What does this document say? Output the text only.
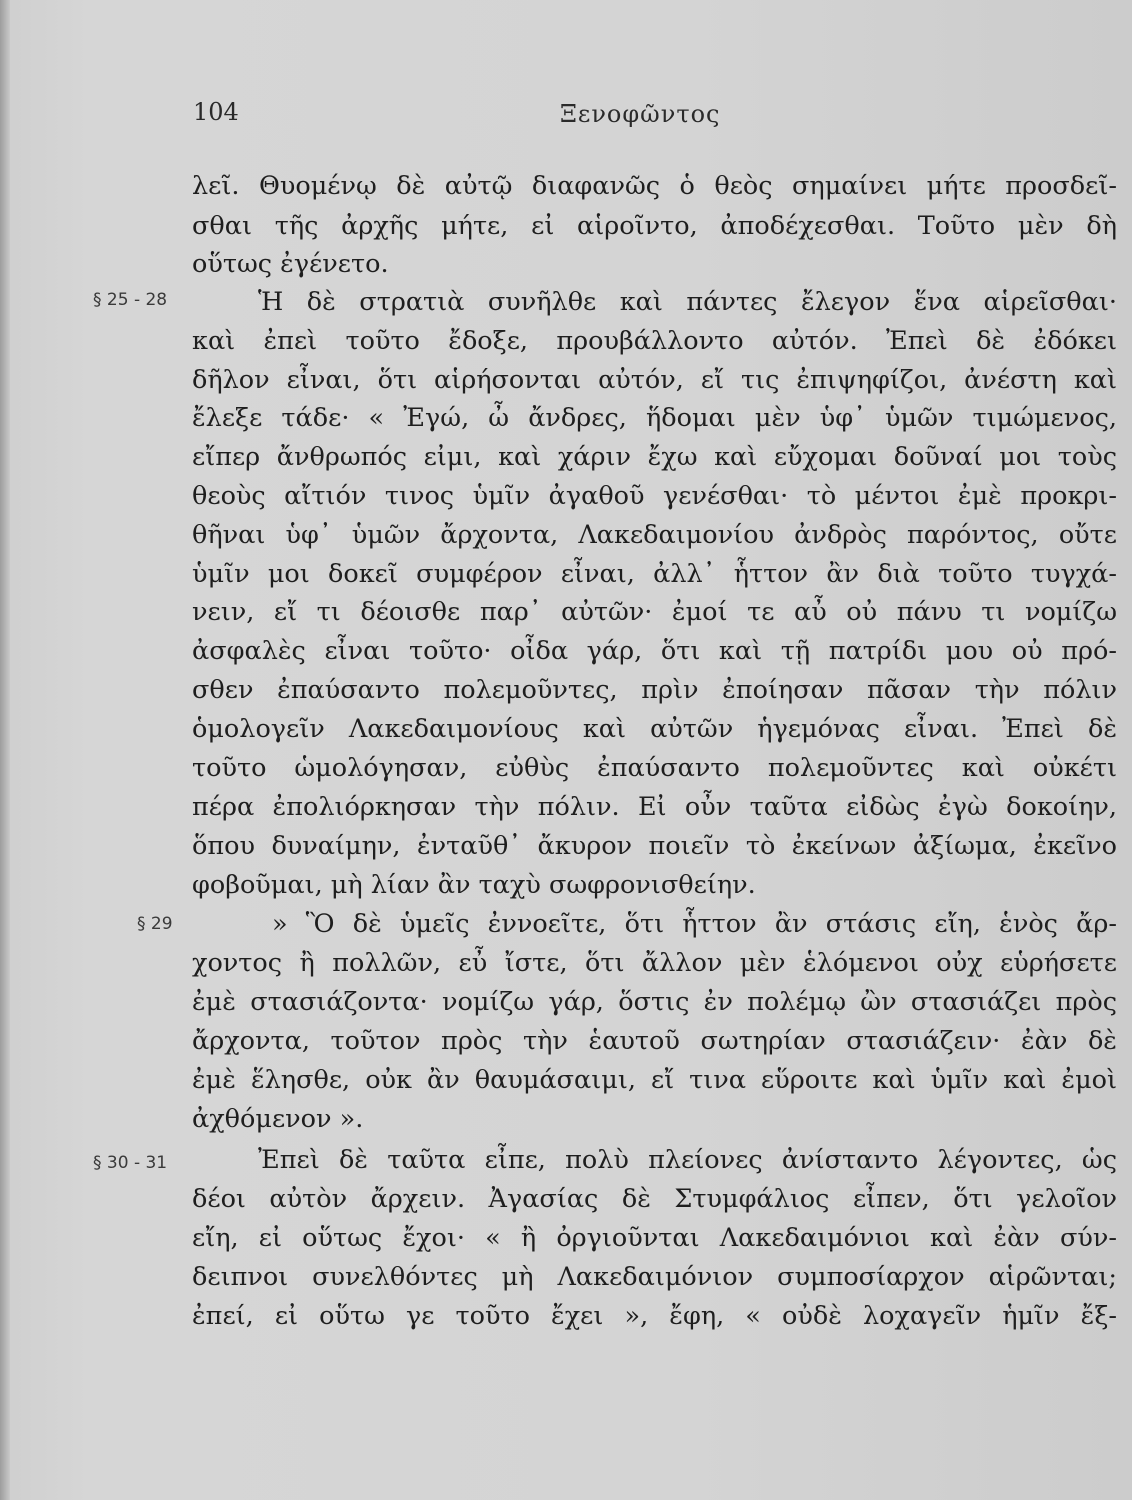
104	Ξενοφῶντος
§ 25 - 28
§ 29
§ 30 - 31
λεῖ. Θυομένῳ δὲ αὐτῷ διαφανῶς ὁ θεὸς σημαίνει μήτε προσδεῖ-
σθαι τῆς ἀρχῆς μήτε, εἰ αἱροῖντο, ἀποδέχεσθαι. Τοῦτο μὲν δὴ
οὕτως ἐγένετο.
Ἡ δὲ στρατιὰ συνῆλθε καὶ πάντες ἔλεγον ἕνα αἱρεῖσθαι·
καὶ ἐπεὶ τοῦτο ἔδοξε, προυβάλλοντο αὐτόν. Ἐπεὶ δὲ ἐδόκει
δῆλον εἶναι, ὅτι αἱρήσονται αὐτόν, εἴ τις ἐπιψηφίζοι, ἀνέστη καὶ
ἔλεξε τάδε· « Ἐγώ, ὦ ἄνδρες, ἥδομαι μὲν ὑφ᾽ ὑμῶν τιμώμενος,
εἴπερ ἄνθρωπός εἰμι, καὶ χάριν ἔχω καὶ εὔχομαι δοῦναί μοι τοὺς
θεοὺς αἴτιόν τινος ὑμῖν ἀγαθοῦ γενέσθαι· τὸ μέντοι ἐμὲ προκρι-
θῆναι ὑφ᾽ ὑμῶν ἄρχοντα, Λακεδαιμονίου ἀνδρὸς παρόντος, οὔτε
ὑμῖν μοι δοκεῖ συμφέρον εἶναι, ἀλλ᾽ ἧττον ἂν διὰ τοῦτο τυγχά-
νειν, εἴ τι δέοισθε παρ᾽ αὐτῶν· ἐμοί τε αὖ οὐ πάνυ τι νομίζω
ἀσφαλὲς εἶναι τοῦτο· οἶδα γάρ, ὅτι καὶ τῇ πατρίδι μου οὐ πρό-
σθεν ἐπαύσαντο πολεμοῦντες, πρὶν ἐποίησαν πᾶσαν τὴν πόλιν
ὁμολογεῖν Λακεδαιμονίους καὶ αὐτῶν ἡγεμόνας εἶναι. Ἐπεὶ δὲ
τοῦτο ὡμολόγησαν, εὐθὺς ἐπαύσαντο πολεμοῦντες καὶ οὐκέτι
πέρα ἐπολιόρκησαν τὴν πόλιν. Εἰ οὖν ταῦτα εἰδὼς ἐγὼ δοκοίην,
ὅπου δυναίμην, ἐνταῦθ᾽ ἄκυρον ποιεῖν τὸ ἐκείνων ἀξίωμα, ἐκεῖνο
φοβοῦμαι, μὴ λίαν ἂν ταχὺ σωφρονισθείην.
» Ὃ δὲ ὑμεῖς ἐννοεῖτε, ὅτι ἧττον ἂν στάσις εἴη, ἑνὸς ἄρ-
χοντος ἢ πολλῶν, εὖ ἴστε, ὅτι ἄλλον μὲν ἑλόμενοι οὐχ εὑρήσετε
ἐμὲ στασιάζοντα· νομίζω γάρ, ὅστις ἐν πολέμῳ ὢν στασιάζει πρὸς
ἄρχοντα, τοῦτον πρὸς τὴν ἑαυτοῦ σωτηρίαν στασιάζειν· ἐὰν δὲ
ἐμὲ ἕλησθε, οὐκ ἂν θαυμάσαιμι, εἴ τινα εὕροιτε καὶ ὑμῖν καὶ ἐμοὶ
ἀχθόμενον ».
Ἐπεὶ δὲ ταῦτα εἶπε, πολὺ πλείονες ἀνίσταντο λέγοντες, ὡς
δέοι αὐτὸν ἄρχειν. Ἀγασίας δὲ Στυμφάλιος εἶπεν, ὅτι γελοῖον
εἴη, εἰ οὕτως ἔχοι· « ἢ ὀργιοῦνται Λακεδαιμόνιοι καὶ ἐὰν σύν-
δειπνοι συνελθόντες μὴ Λακεδαιμόνιον συμποσίαρχον αἱρῶνται;
ἐπεί, εἰ οὕτω γε τοῦτο ἔχει », ἔφη, « οὐδὲ λοχαγεῖν ἡμῖν ἔξ-
